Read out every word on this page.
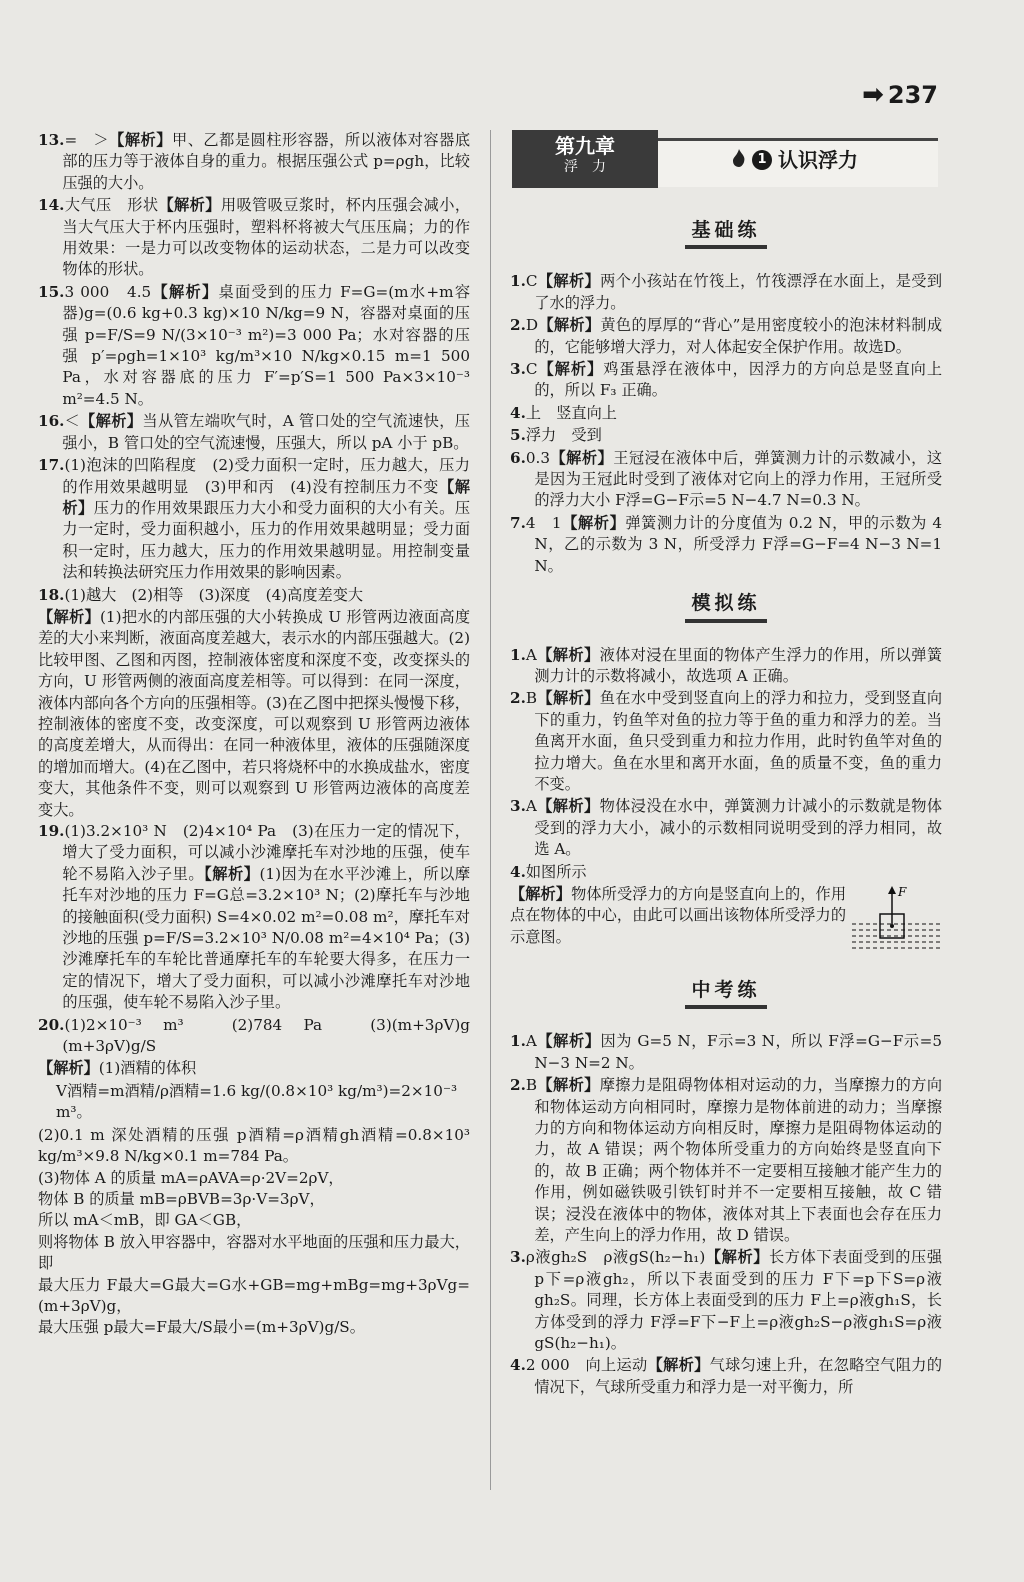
➡ 237

13.=　＞【解析】甲、乙都是圆柱形容器，所以液体对容器底部的压力等于液体自身的重力。根据压强公式 p=ρgh，比较压强的大小。

14.大气压　形状【解析】用吸管吸豆浆时，杯内压强会减小，当大气压大于杯内压强时，塑料杯将被大气压压扁；力的作用效果：一是力可以改变物体的运动状态，二是力可以改变物体的形状。

15.3 000　4.5【解析】桌面受到的压力 F=G=(m水+m容器)g=(0.6 kg+0.3 kg)×10 N/kg=9 N，容器对桌面的压强 p=F/S=9 N/(3×10⁻³ m²)=3 000 Pa；水对容器的压强 p′=ρgh=1×10³ kg/m³×10 N/kg×0.15 m=1 500 Pa，水对容器底的压力 F′=p′S=1 500 Pa×3×10⁻³ m²=4.5 N。

16.＜【解析】当从管左端吹气时，A 管口处的空气流速快，压强小，B 管口处的空气流速慢，压强大，所以 pA 小于 pB。

17.(1)泡沫的凹陷程度　(2)受力面积一定时，压力越大，压力的作用效果越明显　(3)甲和丙　(4)没有控制压力不变【解析】压力的作用效果跟压力大小和受力面积的大小有关。压力一定时，受力面积越小，压力的作用效果越明显；受力面积一定时，压力越大，压力的作用效果越明显。用控制变量法和转换法研究压力作用效果的影响因素。

18.(1)越大　(2)相等　(3)深度　(4)高度差变大

【解析】(1)把水的内部压强的大小转换成 U 形管两边液面高度差的大小来判断，液面高度差越大，表示水的内部压强越大。(2)比较甲图、乙图和丙图，控制液体密度和深度不变，改变探头的方向，U 形管两侧的液面高度差相等。可以得到：在同一深度，液体内部向各个方向的压强相等。(3)在乙图中把探头慢慢下移，控制液体的密度不变，改变深度，可以观察到 U 形管两边液体的高度差增大，从而得出：在同一种液体里，液体的压强随深度的增加而增大。(4)在乙图中，若只将烧杯中的水换成盐水，密度变大，其他条件不变，则可以观察到 U 形管两边液体的高度差变大。

19.(1)3.2×10³ N　(2)4×10⁴ Pa　(3)在压力一定的情况下，增大了受力面积，可以减小沙滩摩托车对沙地的压强，使车轮不易陷入沙子里。【解析】(1)因为在水平沙滩上，所以摩托车对沙地的压力 F=G总=3.2×10³ N；(2)摩托车与沙地的接触面积(受力面积) S=4×0.02 m²=0.08 m²，摩托车对沙地的压强 p=F/S=3.2×10³ N/0.08 m²=4×10⁴ Pa；(3)沙滩摩托车的车轮比普通摩托车的车轮要大得多，在压力一定的情况下，增大了受力面积，可以减小沙滩摩托车对沙地的压强，使车轮不易陷入沙子里。

20.(1)2×10⁻³ m³　(2)784 Pa　(3)(m+3ρV)g　(m+3ρV)g/S

【解析】(1)酒精的体积

V酒精=m酒精/ρ酒精=1.6 kg/(0.8×10³ kg/m³)=2×10⁻³ m³。

(2)0.1 m 深处酒精的压强 p酒精=ρ酒精gh酒精=0.8×10³ kg/m³×9.8 N/kg×0.1 m=784 Pa。

(3)物体 A 的质量 mA=ρAVA=ρ·2V=2ρV，

物体 B 的质量 mB=ρBVB=3ρ·V=3ρV，

所以 mA＜mB，即 GA＜GB，

则将物体 B 放入甲容器中，容器对水平地面的压强和压力最大，即

最大压力 F最大=G最大=G水+GB=mg+mBg=mg+3ρVg=(m+3ρV)g，

最大压强 p最大=F最大/S最小=(m+3ρV)g/S。

第九章
浮　力	1 认识浮力
基础练

1.C【解析】两个小孩站在竹筏上，竹筏漂浮在水面上，是受到了水的浮力。

2.D【解析】黄色的厚厚的“背心”是用密度较小的泡沫材料制成的，它能够增大浮力，对人体起安全保护作用。故选D。

3.C【解析】鸡蛋悬浮在液体中，因浮力的方向总是竖直向上的，所以 F₃ 正确。

4.上　竖直向上

5.浮力　受到

6.0.3【解析】王冠浸在液体中后，弹簧测力计的示数减小，这是因为王冠此时受到了液体对它向上的浮力作用，王冠所受的浮力大小 F浮=G−F示=5 N−4.7 N=0.3 N。

7.4　1【解析】弹簧测力计的分度值为 0.2 N，甲的示数为 4 N，乙的示数为 3 N，所受浮力 F浮=G−F=4 N−3 N=1 N。

模拟练

1.A【解析】液体对浸在里面的物体产生浮力的作用，所以弹簧测力计的示数将减小，故选项 A 正确。

2.B【解析】鱼在水中受到竖直向上的浮力和拉力，受到竖直向下的重力，钓鱼竿对鱼的拉力等于鱼的重力和浮力的差。当鱼离开水面，鱼只受到重力和拉力作用，此时钓鱼竿对鱼的拉力增大。鱼在水里和离开水面，鱼的质量不变，鱼的重力不变。

3.A【解析】物体浸没在水中，弹簧测力计减小的示数就是物体受到的浮力大小，减小的示数相同说明受到的浮力相同，故选 A。

4.如图所示

F

【解析】物体所受浮力的方向是竖直向上的，作用点在物体的中心，由此可以画出该物体所受浮力的示意图。

中考练

1.A【解析】因为 G=5 N，F示=3 N，所以 F浮=G−F示=5 N−3 N=2 N。

2.B【解析】摩擦力是阻碍物体相对运动的力，当摩擦力的方向和物体运动方向相同时，摩擦力是物体前进的动力；当摩擦力的方向和物体运动方向相反时，摩擦力是阻碍物体运动的力，故 A 错误；两个物体所受重力的方向始终是竖直向下的，故 B 正确；两个物体并不一定要相互接触才能产生力的作用，例如磁铁吸引铁钉时并不一定要相互接触，故 C 错误；浸没在液体中的物体，液体对其上下表面也会存在压力差，产生向上的浮力作用，故 D 错误。

3.ρ液gh₂S　ρ液gS(h₂−h₁)【解析】长方体下表面受到的压强 p下=ρ液gh₂，所以下表面受到的压力 F下=p下S=ρ液gh₂S。同理，长方体上表面受到的压力 F上=ρ液gh₁S，长方体受到的浮力 F浮=F下−F上=ρ液gh₂S−ρ液gh₁S=ρ液gS(h₂−h₁)。

4.2 000　向上运动【解析】气球匀速上升，在忽略空气阻力的情况下，气球所受重力和浮力是一对平衡力，所
